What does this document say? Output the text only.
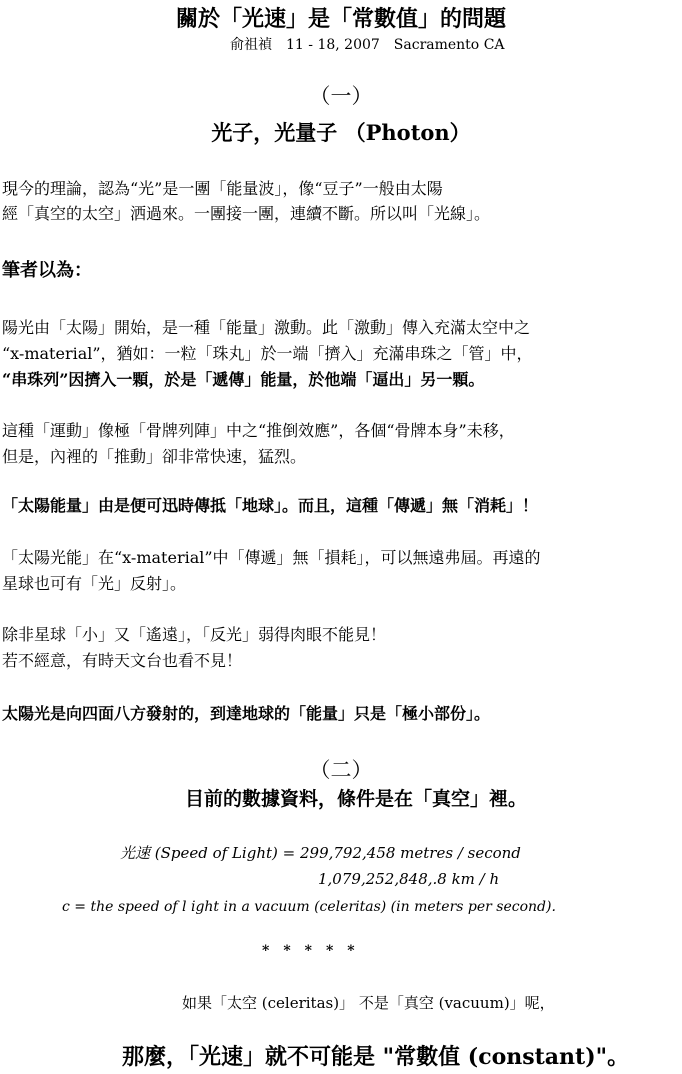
關於「光速」是「常數值」的問題
俞祖禎　11 - 18, 2007　Sacramento CA
（一）
光子，光量子 （Photon）
現今的理論，認為“光”是一團「能量波」，像“豆子”一般由太陽
經「真空的太空」洒過來。一團接一團，連續不斷。所以叫「光線」。
筆者以為：
陽光由「太陽」開始，是一種「能量」激動。此「激動」傳入充滿太空中之
“x-material”，猶如：一粒「珠丸」於一端「擠入」充滿串珠之「管」中，
“串珠列”因擠入一顆，於是「遞傳」能量，於他端「逼出」另一顆。
這種「運動」像極「骨牌列陣」中之“推倒效應”，各個“骨牌本身”未移，
但是，內裡的「推動」卻非常快速，猛烈。
「太陽能量」由是便可迅時傳抵「地球」。而且，這種「傳遞」無「消耗」！
「太陽光能」在“x-material”中「傳遞」無「損耗」，可以無遠弗屆。再遠的
星球也可有「光」反射」。
除非星球「小」又「遙遠」，「反光」弱得肉眼不能見！
若不經意，有時天文台也看不見！
太陽光是向四面八方發射的，到達地球的「能量」只是「極小部份」。
（二）
目前的數據資料，條件是在「真空」裡。
光速 (Speed of Light) = 299,792,458 metres / second
1,079,252,848,.8 km / h
c = the speed of l ight in a vacuum (celeritas) (in meters per second).
*　*　*　*　*
如果「太空 (celeritas)」 不是「真空 (vacuum)」呢，
那麼，「光速」就不可能是 "常數值 (constant)"。
